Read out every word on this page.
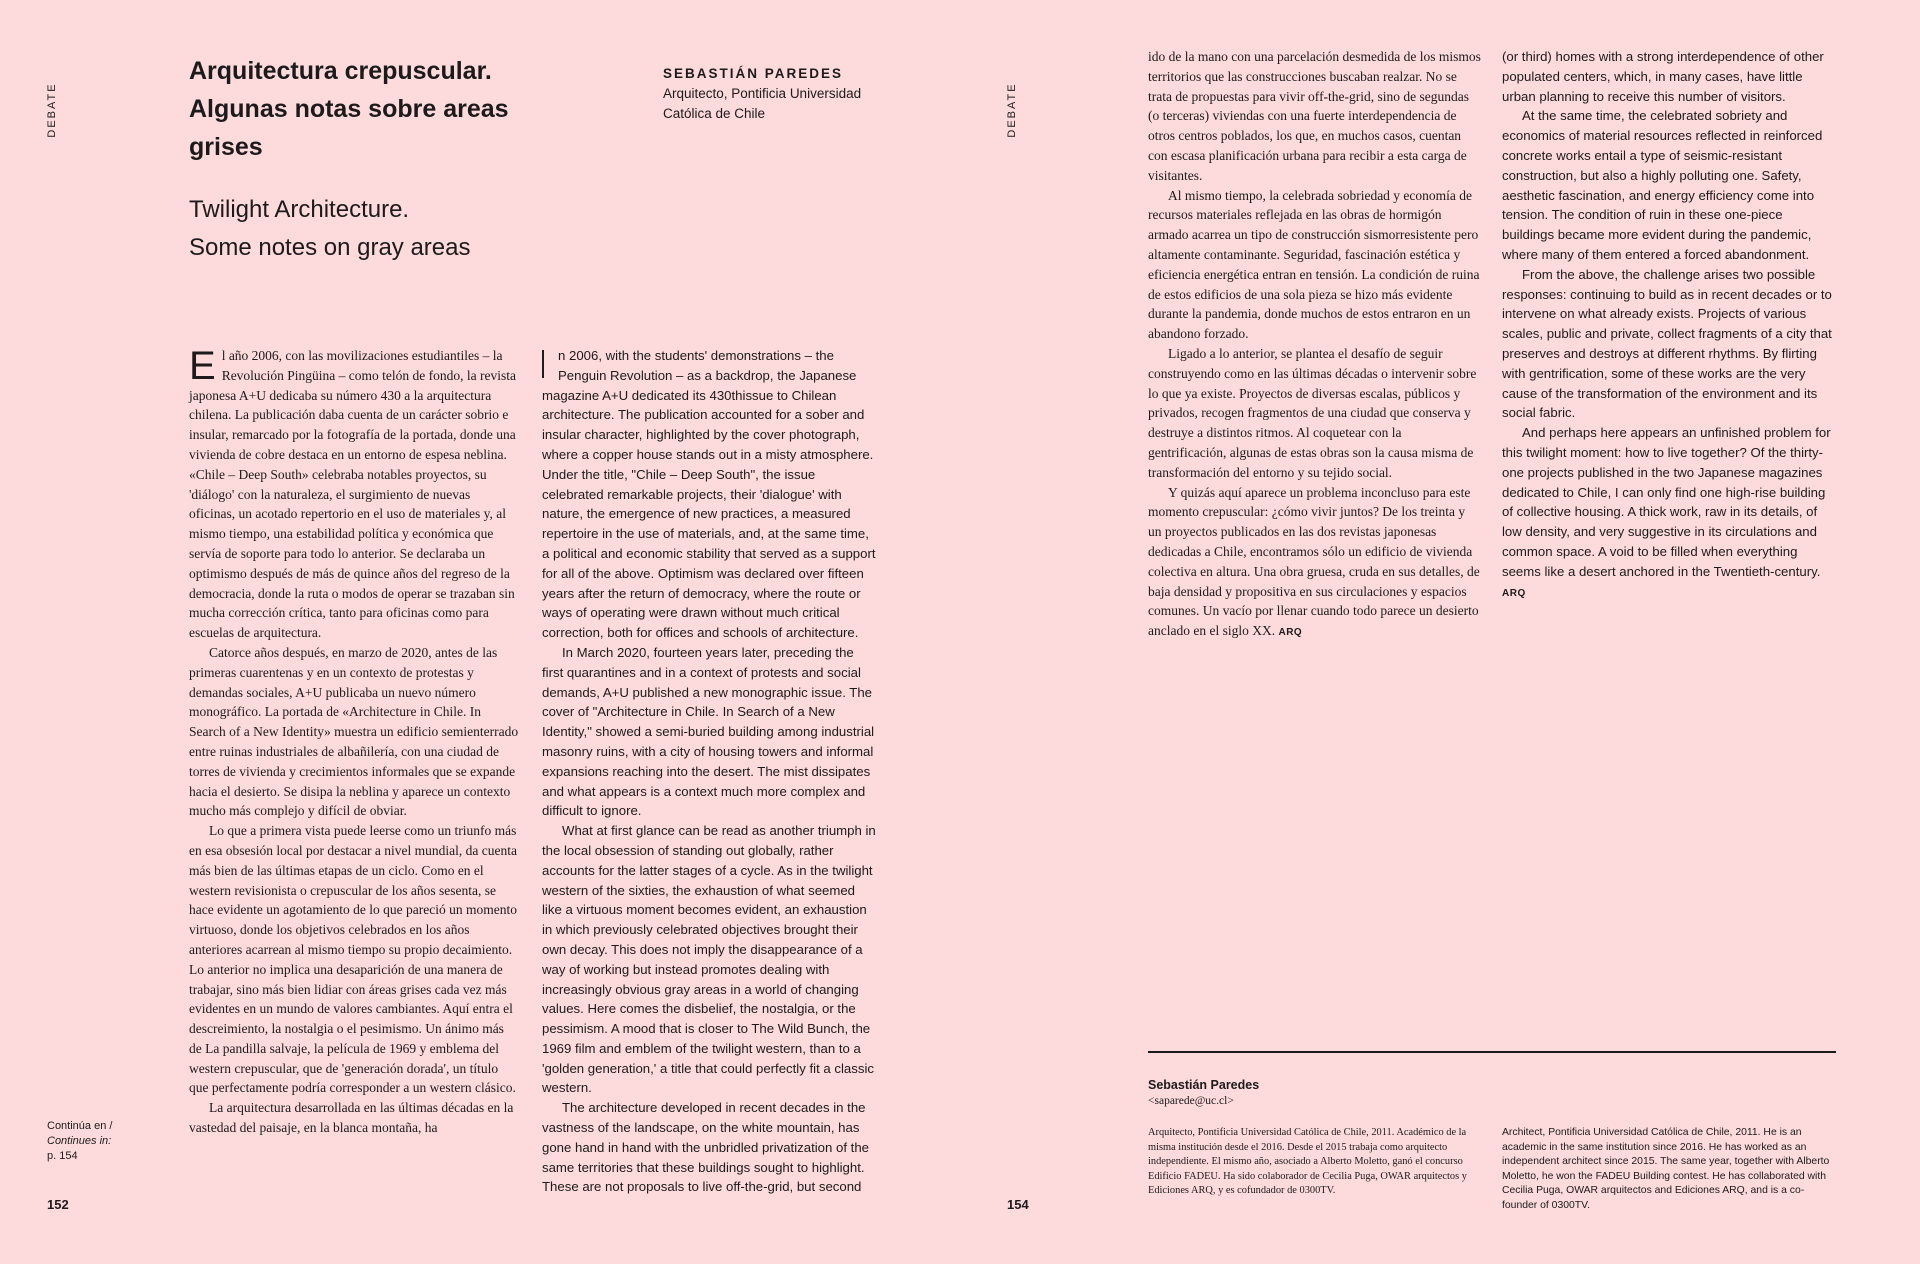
DEBATE
Arquitectura crepuscular. Algunas notas sobre areas grises
Twilight Architecture.
Some notes on gray areas
SEBASTIÁN PAREDES
Arquitecto, Pontificia Universidad Católica de Chile

El año 2006, con las movilizaciones estudiantiles – la Revolución Pingüina – como telón de fondo, la revista japonesa A+U dedicaba su número 430 a la arquitectura chilena. La publicación daba cuenta de un carácter sobrio e insular, remarcado por la fotografía de la portada, donde una vivienda de cobre destaca en un entorno de espesa neblina. «Chile – Deep South» celebraba notables proyectos, su 'diálogo' con la naturaleza, el surgimiento de nuevas oficinas, un acotado repertorio en el uso de materiales y, al mismo tiempo, una estabilidad política y económica que servía de soporte para todo lo anterior. Se declaraba un optimismo después de más de quince años del regreso de la democracia, donde la ruta o modos de operar se trazaban sin mucha corrección crítica, tanto para oficinas como para escuelas de arquitectura.

Catorce años después, en marzo de 2020, antes de las primeras cuarentenas y en un contexto de protestas y demandas sociales, A+U publicaba un nuevo número monográfico. La portada de «Architecture in Chile. In Search of a New Identity» muestra un edificio semienterrado entre ruinas industriales de albañilería, con una ciudad de torres de vivienda y crecimientos informales que se expande hacia el desierto. Se disipa la neblina y aparece un contexto mucho más complejo y difícil de obviar.

Lo que a primera vista puede leerse como un triunfo más en esa obsesión local por destacar a nivel mundial, da cuenta más bien de las últimas etapas de un ciclo. Como en el western revisionista o crepuscular de los años sesenta, se hace evidente un agotamiento de lo que pareció un momento virtuoso, donde los objetivos celebrados en los años anteriores acarrean al mismo tiempo su propio decaimiento. Lo anterior no implica una desaparición de una manera de trabajar, sino más bien lidiar con áreas grises cada vez más evidentes en un mundo de valores cambiantes. Aquí entra el descreimiento, la nostalgia o el pesimismo. Un ánimo más de La pandilla salvaje, la película de 1969 y emblema del western crepuscular, que de 'generación dorada', un título que perfectamente podría corresponder a un western clásico.

La arquitectura desarrollada en las últimas décadas en la vastedad del paisaje, en la blanca montaña, ha

n 2006, with the students' demonstrations – the Penguin Revolution – as a backdrop, the Japanese magazine A+U dedicated its 430thissue to Chilean architecture. The publication accounted for a sober and insular character, highlighted by the cover photograph, where a copper house stands out in a misty atmosphere. Under the title, "Chile – Deep South", the issue celebrated remarkable projects, their 'dialogue' with nature, the emergence of new practices, a measured repertoire in the use of materials, and, at the same time, a political and economic stability that served as a support for all of the above. Optimism was declared over fifteen years after the return of democracy, where the route or ways of operating were drawn without much critical correction, both for offices and schools of architecture.

In March 2020, fourteen years later, preceding the first quarantines and in a context of protests and social demands, A+U published a new monographic issue. The cover of "Architecture in Chile. In Search of a New Identity," showed a semi-buried building among industrial masonry ruins, with a city of housing towers and informal expansions reaching into the desert. The mist dissipates and what appears is a context much more complex and difficult to ignore.

What at first glance can be read as another triumph in the local obsession of standing out globally, rather accounts for the latter stages of a cycle. As in the twilight western of the sixties, the exhaustion of what seemed like a virtuous moment becomes evident, an exhaustion in which previously celebrated objectives brought their own decay. This does not imply the disappearance of a way of working but instead promotes dealing with increasingly obvious gray areas in a world of changing values. Here comes the disbelief, the nostalgia, or the pessimism. A mood that is closer to The Wild Bunch, the 1969 film and emblem of the twilight western, than to a 'golden generation,' a title that could perfectly fit a classic western.

The architecture developed in recent decades in the vastness of the landscape, on the white mountain, has gone hand in hand with the unbridled privatization of the same territories that these buildings sought to highlight. These are not proposals to live off-the-grid, but second

Continúa en /
Continues in:
p. 154
152
DEBATE

ido de la mano con una parcelación desmedida de los mismos territorios que las construcciones buscaban realzar. No se trata de propuestas para vivir off-the-grid, sino de segundas (o terceras) viviendas con una fuerte interdependencia de otros centros poblados, los que, en muchos casos, cuentan con escasa planificación urbana para recibir a esta carga de visitantes.

Al mismo tiempo, la celebrada sobriedad y economía de recursos materiales reflejada en las obras de hormigón armado acarrea un tipo de construcción sismorresistente pero altamente contaminante. Seguridad, fascinación estética y eficiencia energética entran en tensión. La condición de ruina de estos edificios de una sola pieza se hizo más evidente durante la pandemia, donde muchos de estos entraron en un abandono forzado.

Ligado a lo anterior, se plantea el desafío de seguir construyendo como en las últimas décadas o intervenir sobre lo que ya existe. Proyectos de diversas escalas, públicos y privados, recogen fragmentos de una ciudad que conserva y destruye a distintos ritmos. Al coquetear con la gentrificación, algunas de estas obras son la causa misma de transformación del entorno y su tejido social.

Y quizás aquí aparece un problema inconcluso para este momento crepuscular: ¿cómo vivir juntos? De los treinta y un proyectos publicados en las dos revistas japonesas dedicadas a Chile, encontramos sólo un edificio de vivienda colectiva en altura. Una obra gruesa, cruda en sus detalles, de baja densidad y propositiva en sus circulaciones y espacios comunes. Un vacío por llenar cuando todo parece un desierto anclado en el siglo XX. ARQ

(or third) homes with a strong interdependence of other populated centers, which, in many cases, have little urban planning to receive this number of visitors.

At the same time, the celebrated sobriety and economics of material resources reflected in reinforced concrete works entail a type of seismic-resistant construction, but also a highly polluting one. Safety, aesthetic fascination, and energy efficiency come into tension. The condition of ruin in these one-piece buildings became more evident during the pandemic, where many of them entered a forced abandonment.

From the above, the challenge arises two possible responses: continuing to build as in recent decades or to intervene on what already exists. Projects of various scales, public and private, collect fragments of a city that preserves and destroys at different rhythms. By flirting with gentrification, some of these works are the very cause of the transformation of the environment and its social fabric.

And perhaps here appears an unfinished problem for this twilight moment: how to live together? Of the thirty-one projects published in the two Japanese magazines dedicated to Chile, I can only find one high-rise building of collective housing. A thick work, raw in its details, of low density, and very suggestive in its circulations and common space. A void to be filled when everything seems like a desert anchored in the Twentieth-century. ARQ

Sebastián Paredes
<saparede@uc.cl>
Arquitecto, Pontificia Universidad Católica de Chile, 2011. Académico de la misma institución desde el 2016. Desde el 2015 trabaja como arquitecto independiente. El mismo año, asociado a Alberto Moletto, ganó el concurso Edificio FADEU. Ha sido colaborador de Cecilia Puga, OWAR arquitectos y Ediciones ARQ, y es cofundador de 0300TV.
Architect, Pontificia Universidad Católica de Chile, 2011. He is an academic in the same institution since 2016. He has worked as an independent architect since 2015. The same year, together with Alberto Moletto, he won the FADEU Building contest. He has collaborated with Cecilia Puga, OWAR arquitectos and Ediciones ARQ, and is a co-founder of 0300TV.
154
